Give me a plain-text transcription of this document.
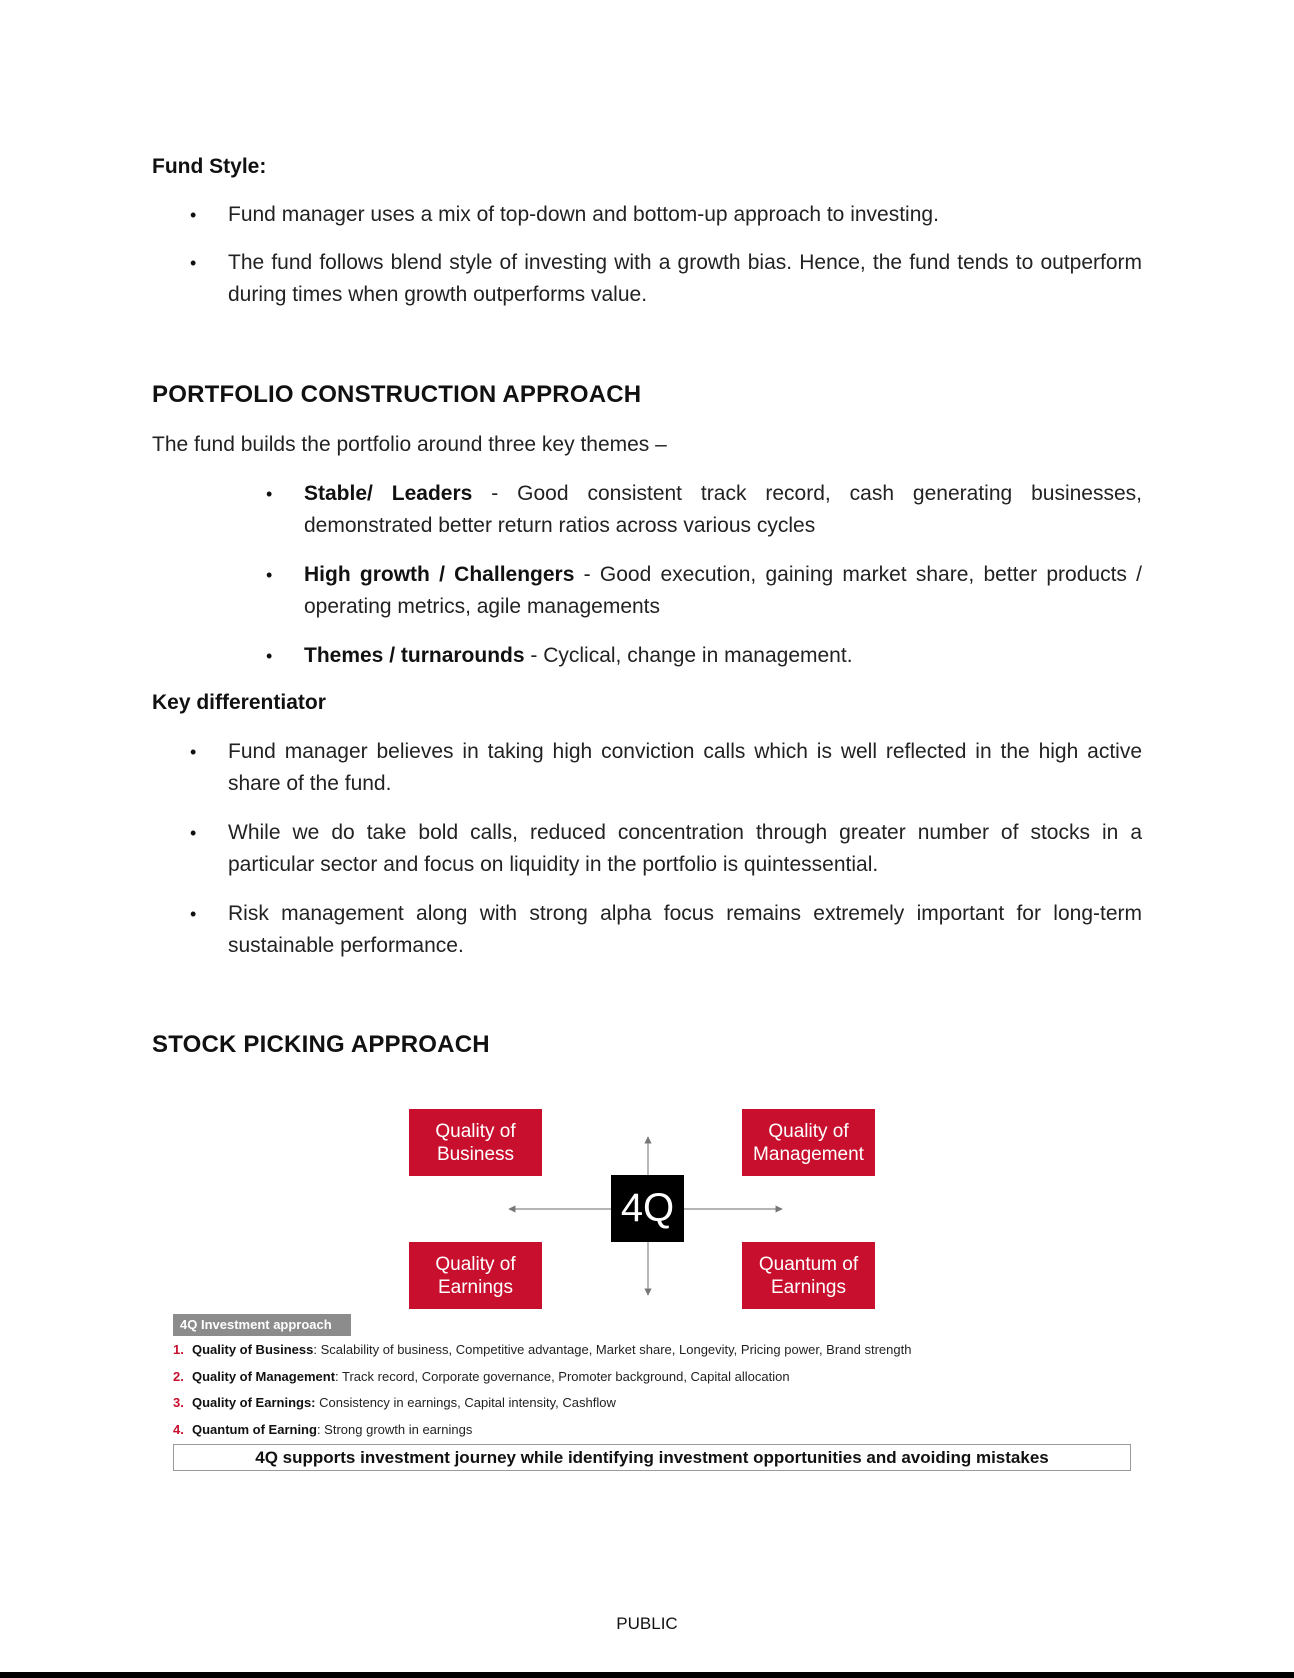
Fund Style:
• Fund manager uses a mix of top-down and bottom-up approach to investing.
• The fund follows blend style of investing with a growth bias. Hence, the fund tends to outperform during times when growth outperforms value.
PORTFOLIO CONSTRUCTION APPROACH
The fund builds the portfolio around three key themes –
• Stable/ Leaders - Good consistent track record, cash generating businesses, demonstrated better return ratios across various cycles
• High growth / Challengers - Good execution, gaining market share, better products / operating metrics, agile managements
• Themes / turnarounds - Cyclical, change in management.
Key differentiator
• Fund manager believes in taking high conviction calls which is well reflected in the high active share of the fund.
• While we do take bold calls, reduced concentration through greater number of stocks in a particular sector and focus on liquidity in the portfolio is quintessential.
• Risk management along with strong alpha focus remains extremely important for long-term sustainable performance.
STOCK PICKING APPROACH
Quality of
Business
Quality of
Management
Quality of
Earnings
Quantum of
Earnings
4Q
4Q Investment approach
1. Quality of Business: Scalability of business, Competitive advantage, Market share, Longevity, Pricing power, Brand strength
2. Quality of Management: Track record, Corporate governance, Promoter background, Capital allocation
3. Quality of Earnings: Consistency in earnings, Capital intensity, Cashflow
4. Quantum of Earning: Strong growth in earnings
4Q supports investment journey while identifying investment opportunities and avoiding mistakes
PUBLIC
